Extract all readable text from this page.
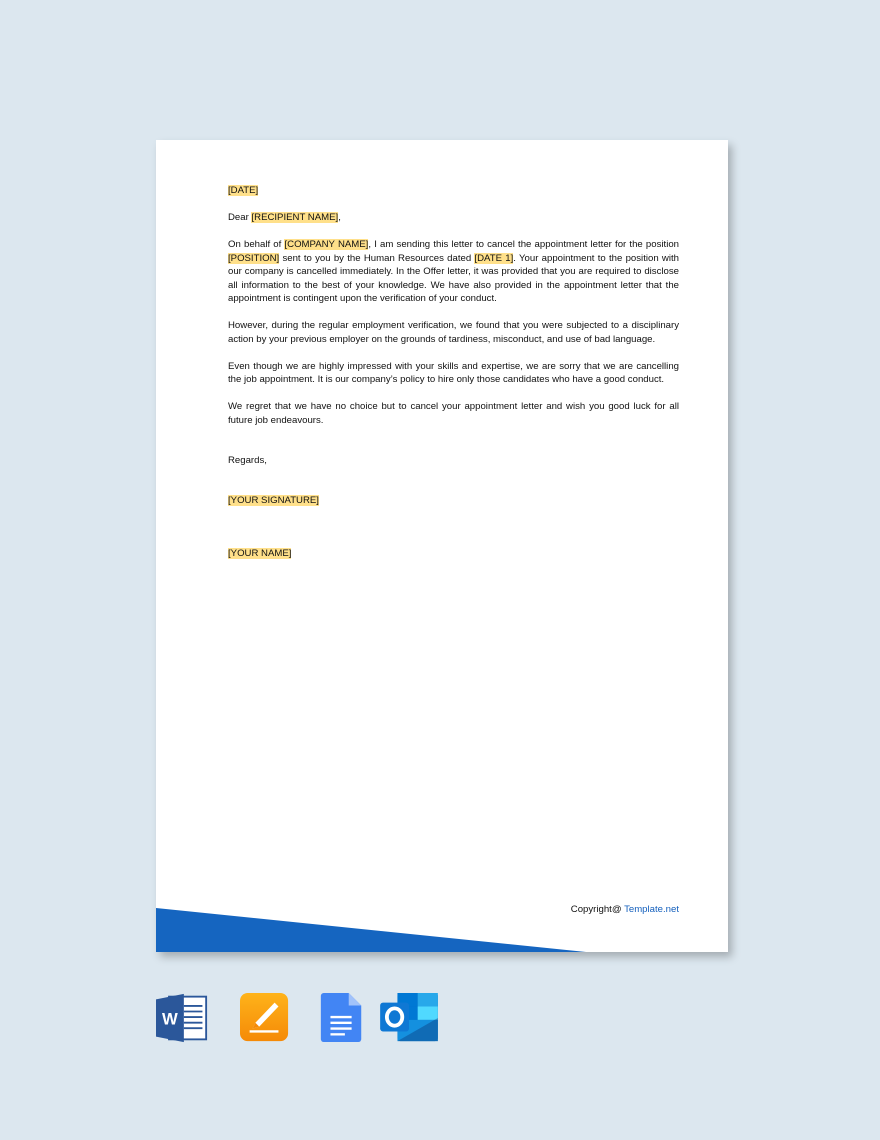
[DATE]

Dear [RECIPIENT NAME],

On behalf of [COMPANY NAME], I am sending this letter to cancel the appointment letter for the position [POSITION] sent to you by the Human Resources dated [DATE 1]. Your appointment to the position with our company is cancelled immediately. In the Offer letter, it was provided that you are required to disclose all information to the best of your knowledge. We have also provided in the appointment letter that the appointment is contingent upon the verification of your conduct.

However, during the regular employment verification, we found that you were subjected to a disciplinary action by your previous employer on the grounds of tardiness, misconduct, and use of bad language.

Even though we are highly impressed with your skills and expertise, we are sorry that we are cancelling the job appointment. It is our company’s policy to hire only those candidates who have a good conduct.

We regret that we have no choice but to cancel your appointment letter and wish you good luck for all future job endeavours.

Regards,

[YOUR SIGNATURE]

[YOUR NAME]

Copyright@ Template.net
W	O
